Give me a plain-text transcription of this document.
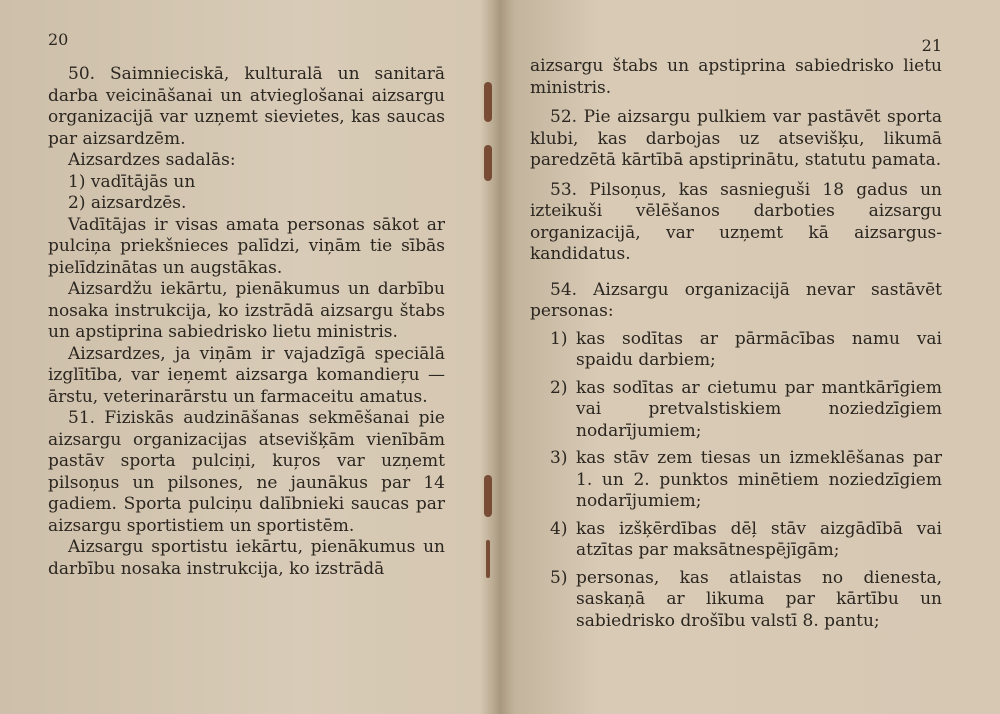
20

50. Saimnieciskā, kulturalā un sanitarā darba veicināšanai un atvieglošanai aizsargu organizacijā var uzņemt sievietes, kas saucas par aizsardzēm.

Aizsardzes sadalās:

1) vadītājās un

2) aizsardzēs.

Vadītājas ir visas amata personas sākot ar pulciņa priekšnieces palīdzi, viņām tie sībās pielīdzinātas un augstākas.

Aizsardžu iekārtu, pienākumus un darbību nosaka instrukcija, ko izstrādā aizsargu štabs un apstiprina sabiedrisko lietu ministris.

Aizsardzes, ja viņām ir vajadzīgā speciālā izglītība, var ieņemt aizsarga komandieŗu — ārstu, veterinarārstu un farmaceitu amatus.

51. Fiziskās audzināšanas sekmēšanai pie aizsargu organizacijas atsevišķām vienībām pastāv sporta pulciņi, kuŗos var uzņemt pilsoņus un pilsones, ne jaunākus par 14 gadiem. Sporta pulciņu dalībnieki saucas par aizsargu sportistiem un sportistēm.

Aizsargu sportistu iekārtu, pienākumus un darbību nosaka instrukcija, ko izstrādā

21

aizsargu štabs un apstiprina sabiedrisko lietu ministris.

52. Pie aizsargu pulkiem var pastāvēt sporta klubi, kas darbojas uz atsevišķu, likumā paredzētā kārtībā apstiprinātu, statutu pamata.

53. Pilsoņus, kas sasnieguši 18 gadus un izteikuši vēlēšanos darboties aizsargu organizacijā, var uzņemt kā aizsargus-kandidatus.

54. Aizsargu organizacijā nevar sastāvēt personas:

1) kas sodītas ar pārmācības namu vai spaidu darbiem;
2) kas sodītas ar cietumu par mantkārīgiem vai pretvalstiskiem noziedzīgiem nodarījumiem;
3) kas stāv zem tiesas un izmeklēšanas par 1. un 2. punktos minētiem noziedzīgiem nodarījumiem;
4) kas izšķērdības dēļ stāv aizgādībā vai atzītas par maksātnespējīgām;
5) personas, kas atlaistas no dienesta, saskaņā ar likuma par kārtību un sabiedrisko drošību valstī 8. pantu;
